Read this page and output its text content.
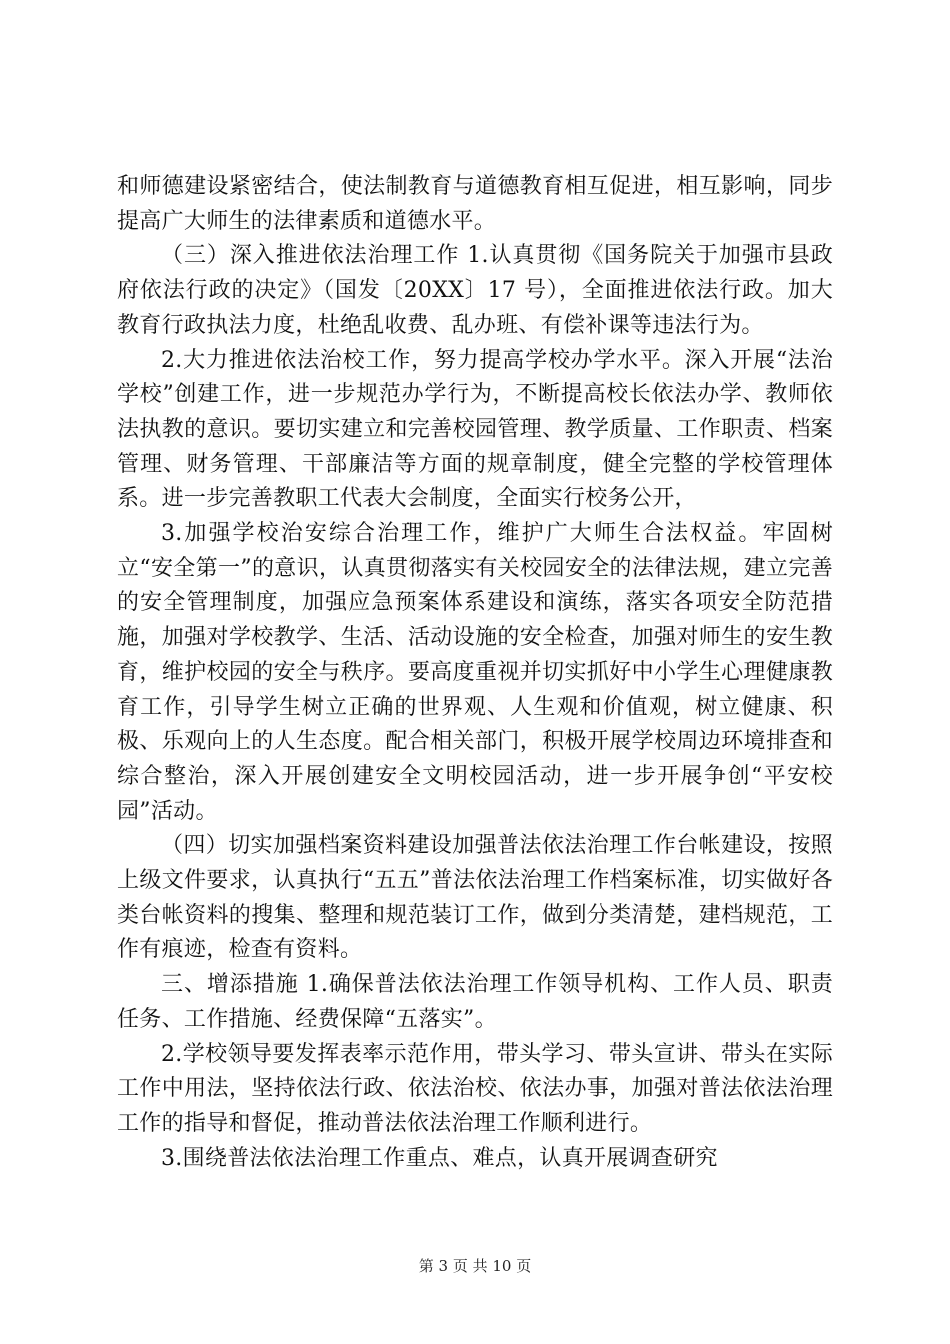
和师德建设紧密结合，使法制教育与道德教育相互促进，相互影响，同步提高广大师生的法律素质和道德水平。

（三）深入推进依法治理工作 1.认真贯彻《国务院关于加强市县政府依法行政的决定》（国发〔20XX〕17 号），全面推进依法行政。加大教育行政执法力度，杜绝乱收费、乱办班、有偿补课等违法行为。

2.大力推进依法治校工作，努力提高学校办学水平。深入开展“法治学校”创建工作，进一步规范办学行为，不断提高校长依法办学、教师依法执教的意识。要切实建立和完善校园管理、教学质量、工作职责、档案管理、财务管理、干部廉洁等方面的规章制度，健全完整的学校管理体系。进一步完善教职工代表大会制度，全面实行校务公开，

3.加强学校治安综合治理工作，维护广大师生合法权益。牢固树立“安全第一”的意识，认真贯彻落实有关校园安全的法律法规，建立完善的安全管理制度，加强应急预案体系建设和演练，落实各项安全防范措施，加强对学校教学、生活、活动设施的安全检查，加强对师生的安生教育，维护校园的安全与秩序。要高度重视并切实抓好中小学生心理健康教育工作，引导学生树立正确的世界观、人生观和价值观，树立健康、积极、乐观向上的人生态度。配合相关部门，积极开展学校周边环境排查和综合整治，深入开展创建安全文明校园活动，进一步开展争创“平安校园”活动。

（四）切实加强档案资料建设加强普法依法治理工作台帐建设，按照上级文件要求，认真执行“五五”普法依法治理工作档案标准，切实做好各类台帐资料的搜集、整理和规范装订工作，做到分类清楚，建档规范，工作有痕迹，检查有资料。

三、增添措施 1.确保普法依法治理工作领导机构、工作人员、职责任务、工作措施、经费保障“五落实”。

2.学校领导要发挥表率示范作用，带头学习、带头宣讲、带头在实际工作中用法，坚持依法行政、依法治校、依法办事，加强对普法依法治理工作的指导和督促，推动普法依法治理工作顺利进行。

3.围绕普法依法治理工作重点、难点，认真开展调查研究

第 3 页 共 10 页
